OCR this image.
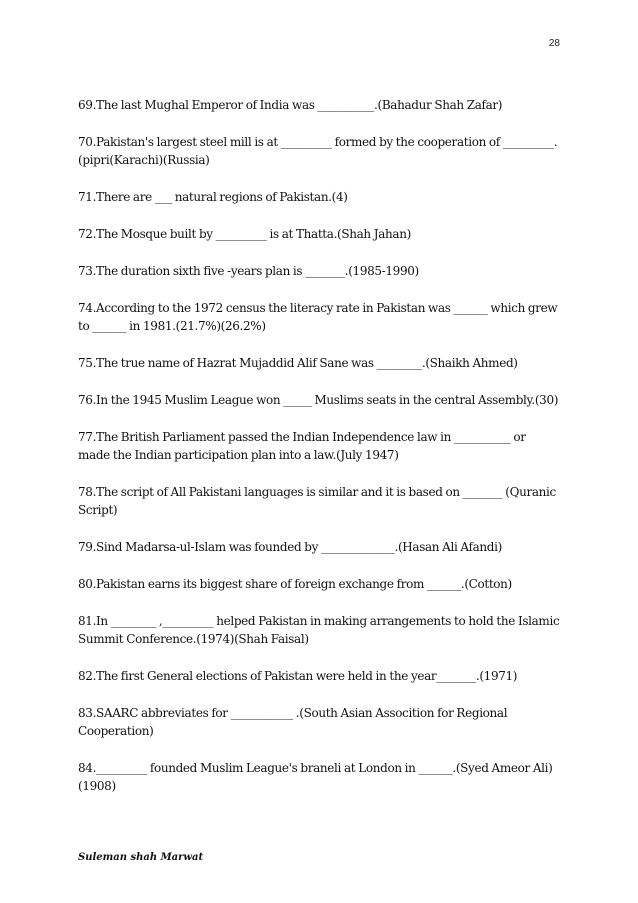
28
69.The last Mughal Emperor of India was __________.(Bahadur Shah Zafar)
70.Pakistan's largest steel mill is at _________ formed by the cooperation of _________.(pipri(Karachi)(Russia)
71.There are ___ natural regions of Pakistan.(4)
72.The Mosque built by _________ is at Thatta.(Shah Jahan)
73.The duration sixth five -years plan is _______.(1985-1990)
74.According to the 1972 census the literacy rate in Pakistan was ______ which grew to ______ in 1981.(21.7%)(26.2%)
75.The true name of Hazrat Mujaddid Alif Sane was ________.(Shaikh Ahmed)
76.In the 1945 Muslim League won _____ Muslims seats in the central Assembly.(30)
77.The British Parliament passed the Indian Independence law in __________ or made the Indian participation plan into a law.(July 1947)
78.The script of All Pakistani languages is similar and it is based on _______ (Quranic Script)
79.Sind Madarsa-ul-Islam was founded by _____________.(Hasan Ali Afandi)
80.Pakistan earns its biggest share of foreign exchange from ______.(Cotton)
81.In ________ ,_________ helped Pakistan in making arrangements to hold the Islamic Summit Conference.(1974)(Shah Faisal)
82.The first General elections of Pakistan were held in the year_______.(1971)
83.SAARC abbreviates for ___________ .(South Asian Assocition for Regional Cooperation)
84._________ founded Muslim League's braneli at London in ______.(Syed Ameor Ali)(1908)
Suleman shah Marwat
